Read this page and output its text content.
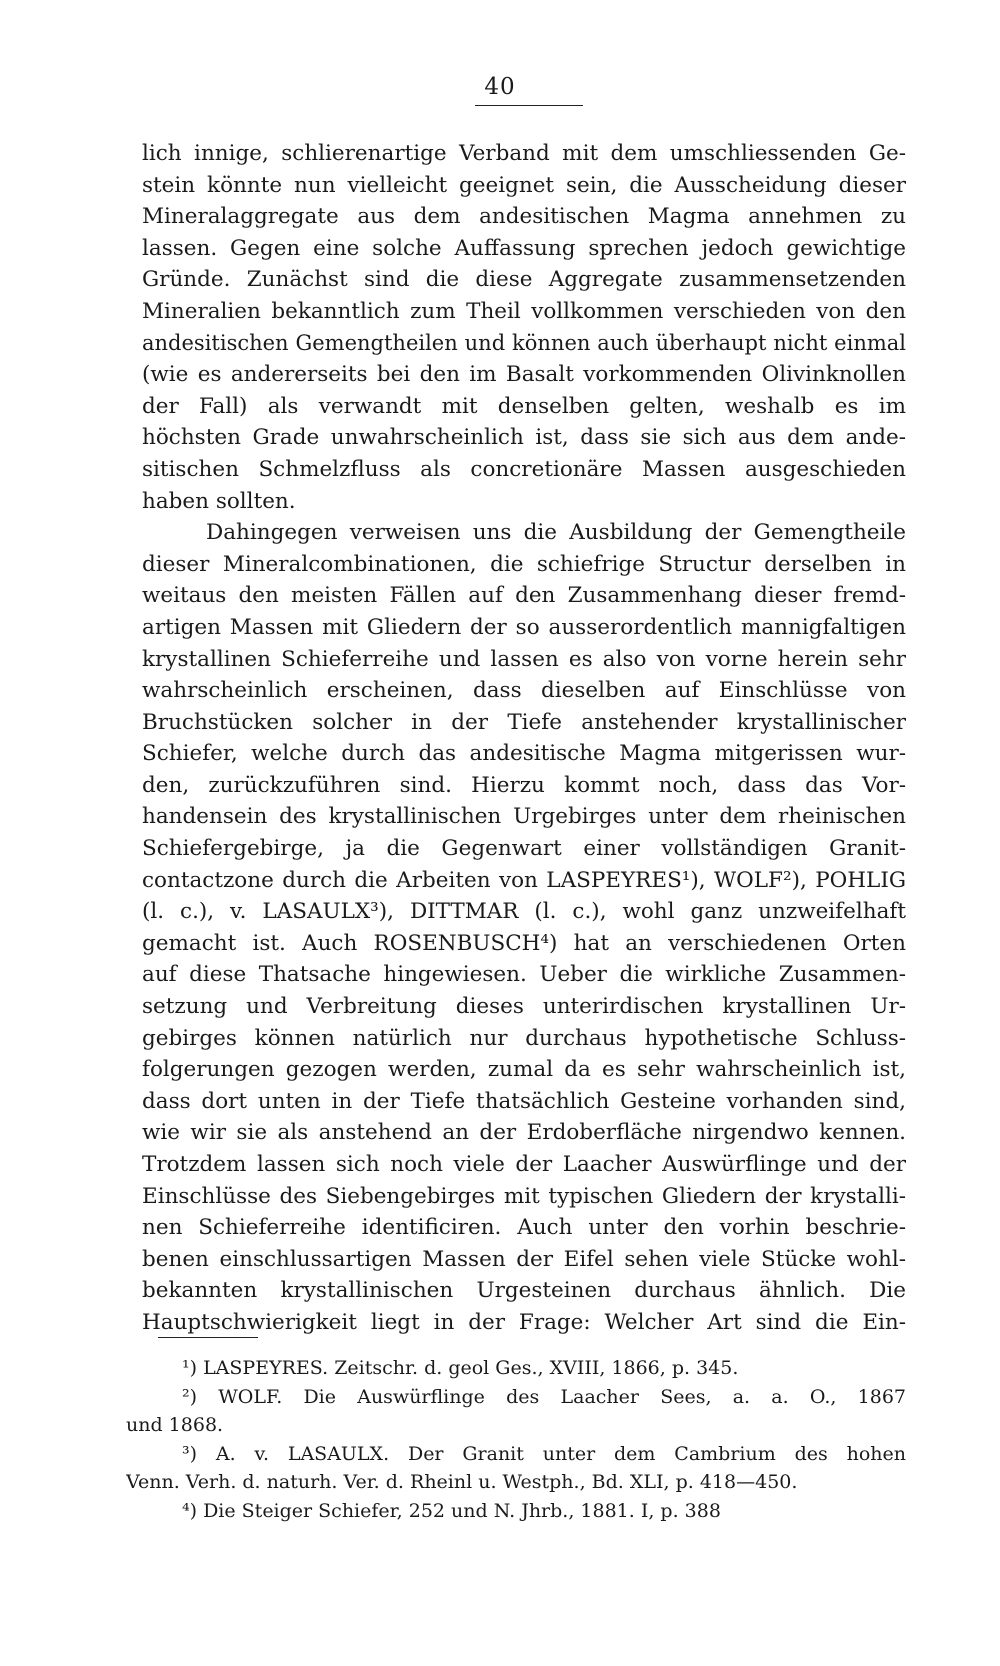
40
lich innige, schlierenartige Verband mit dem umschliessenden Ge-
stein könnte nun vielleicht geeignet sein, die Ausscheidung dieser
Mineralaggregate aus dem andesitischen Magma annehmen zu
lassen. Gegen eine solche Auffassung sprechen jedoch gewichtige
Gründe. Zunächst sind die diese Aggregate zusammensetzenden
Mineralien bekanntlich zum Theil vollkommen verschieden von den
andesitischen Gemengtheilen und können auch überhaupt nicht einmal
(wie es andererseits bei den im Basalt vorkommenden Olivinknollen
der Fall) als verwandt mit denselben gelten, weshalb es im
höchsten Grade unwahrscheinlich ist, dass sie sich aus dem ande-
sitischen Schmelzfluss als concretionäre Massen ausgeschieden
haben sollten.
Dahingegen verweisen uns die Ausbildung der Gemengtheile
dieser Mineralcombinationen, die schiefrige Structur derselben in
weitaus den meisten Fällen auf den Zusammenhang dieser fremd-
artigen Massen mit Gliedern der so ausserordentlich mannigfaltigen
krystallinen Schieferreihe und lassen es also von vorne herein sehr
wahrscheinlich erscheinen, dass dieselben auf Einschlüsse von
Bruchstücken solcher in der Tiefe anstehender krystallinischer
Schiefer, welche durch das andesitische Magma mitgerissen wur-
den, zurückzuführen sind. Hierzu kommt noch, dass das Vor-
handensein des krystallinischen Urgebirges unter dem rheinischen
Schiefergebirge, ja die Gegenwart einer vollständigen Granit-
contactzone durch die Arbeiten von LASPEYRES¹), WOLF²), POHLIG
(l. c.), v. LASAULX³), DITTMAR (l. c.), wohl ganz unzweifelhaft
gemacht ist. Auch ROSENBUSCH⁴) hat an verschiedenen Orten
auf diese Thatsache hingewiesen. Ueber die wirkliche Zusammen-
setzung und Verbreitung dieses unterirdischen krystallinen Ur-
gebirges können natürlich nur durchaus hypothetische Schluss-
folgerungen gezogen werden, zumal da es sehr wahrscheinlich ist,
dass dort unten in der Tiefe thatsächlich Gesteine vorhanden sind,
wie wir sie als anstehend an der Erdoberfläche nirgendwo kennen.
Trotzdem lassen sich noch viele der Laacher Auswürflinge und der
Einschlüsse des Siebengebirges mit typischen Gliedern der krystalli-
nen Schieferreihe identificiren. Auch unter den vorhin beschrie-
benen einschlussartigen Massen der Eifel sehen viele Stücke wohl-
bekannten krystallinischen Urgesteinen durchaus ähnlich. Die
Hauptschwierigkeit liegt in der Frage: Welcher Art sind die Ein-
¹) LASPEYRES. Zeitschr. d. geol Ges., XVIII, 1866, p. 345.
²) WOLF. Die Auswürflinge des Laacher Sees, a. a. O., 1867
und 1868.
³) A. v. LASAULX. Der Granit unter dem Cambrium des hohen
Venn. Verh. d. naturh. Ver. d. Rheinl u. Westph., Bd. XLI, p. 418—450.
⁴) Die Steiger Schiefer, 252 und N. Jhrb., 1881. I, p. 388
